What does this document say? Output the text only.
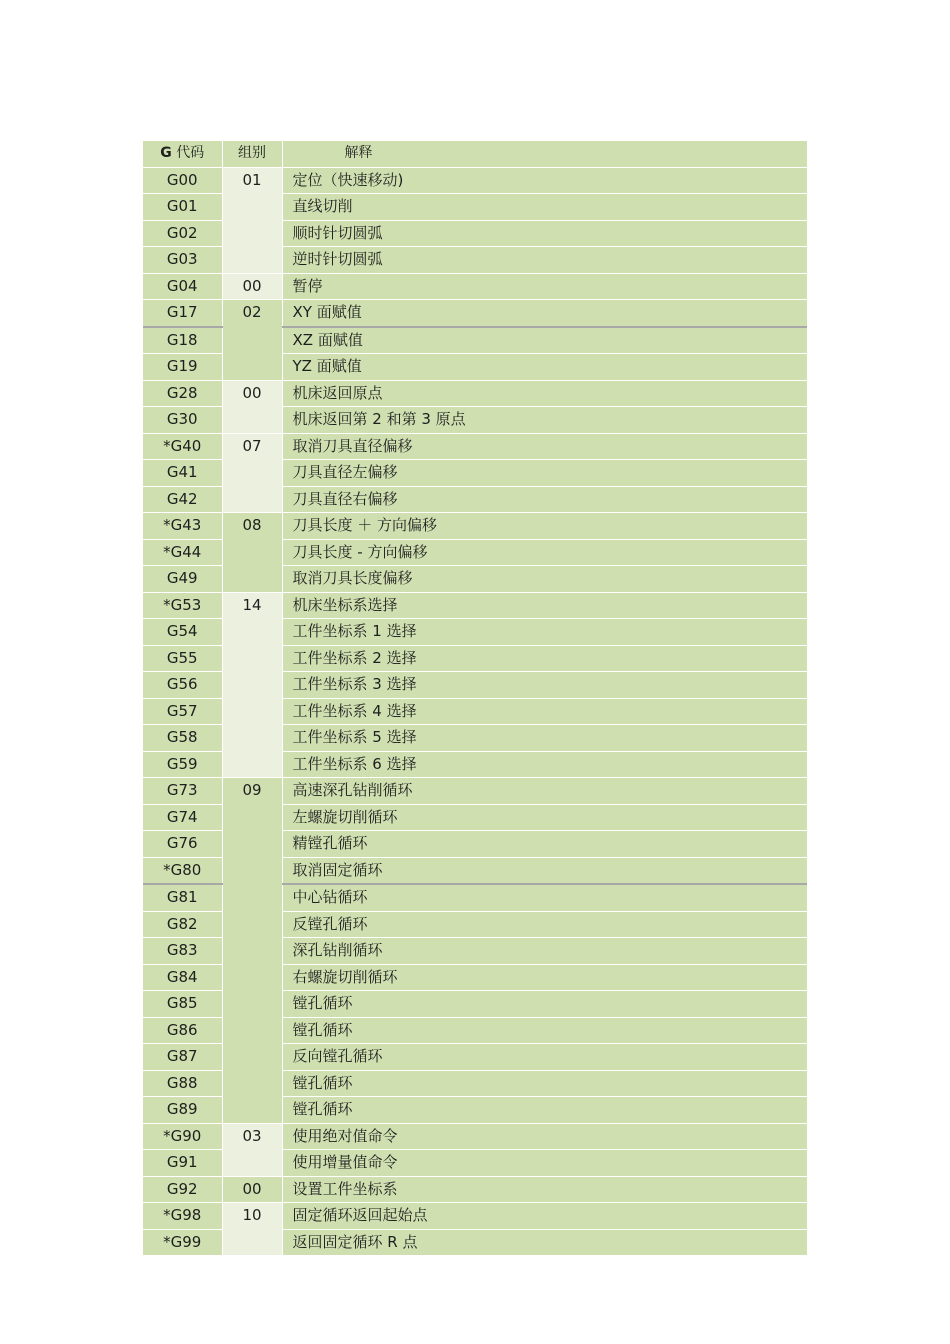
G 代码	组别	解释
G00	01	定位（快速移动)
G01		直线切削
G02		顺时针切圆弧
G03		逆时针切圆弧
G04	00	暂停
G17	02	XY 面赋值
G18		XZ 面赋值
G19		YZ 面赋值
G28	00	机床返回原点
G30		机床返回第 2 和第 3 原点
*G40	07	取消刀具直径偏移
G41		刀具直径左偏移
G42		刀具直径右偏移
*G43	08	刀具长度 ＋ 方向偏移
*G44		刀具长度 - 方向偏移
G49		取消刀具长度偏移
*G53	14	机床坐标系选择
G54		工件坐标系 1 选择
G55		工件坐标系 2 选择
G56		工件坐标系 3 选择
G57		工件坐标系 4 选择
G58		工件坐标系 5 选择
G59		工件坐标系 6 选择
G73	09	高速深孔钻削循环
G74		左螺旋切削循环
G76		精镗孔循环
*G80		取消固定循环
G81		中心钻循环
G82		反镗孔循环
G83		深孔钻削循环
G84		右螺旋切削循环
G85		镗孔循环
G86		镗孔循环
G87		反向镗孔循环
G88		镗孔循环
G89		镗孔循环
*G90	03	使用绝对值命令
G91		使用增量值命令
G92	00	设置工件坐标系
*G98	10	固定循环返回起始点
*G99		返回固定循环 R 点
